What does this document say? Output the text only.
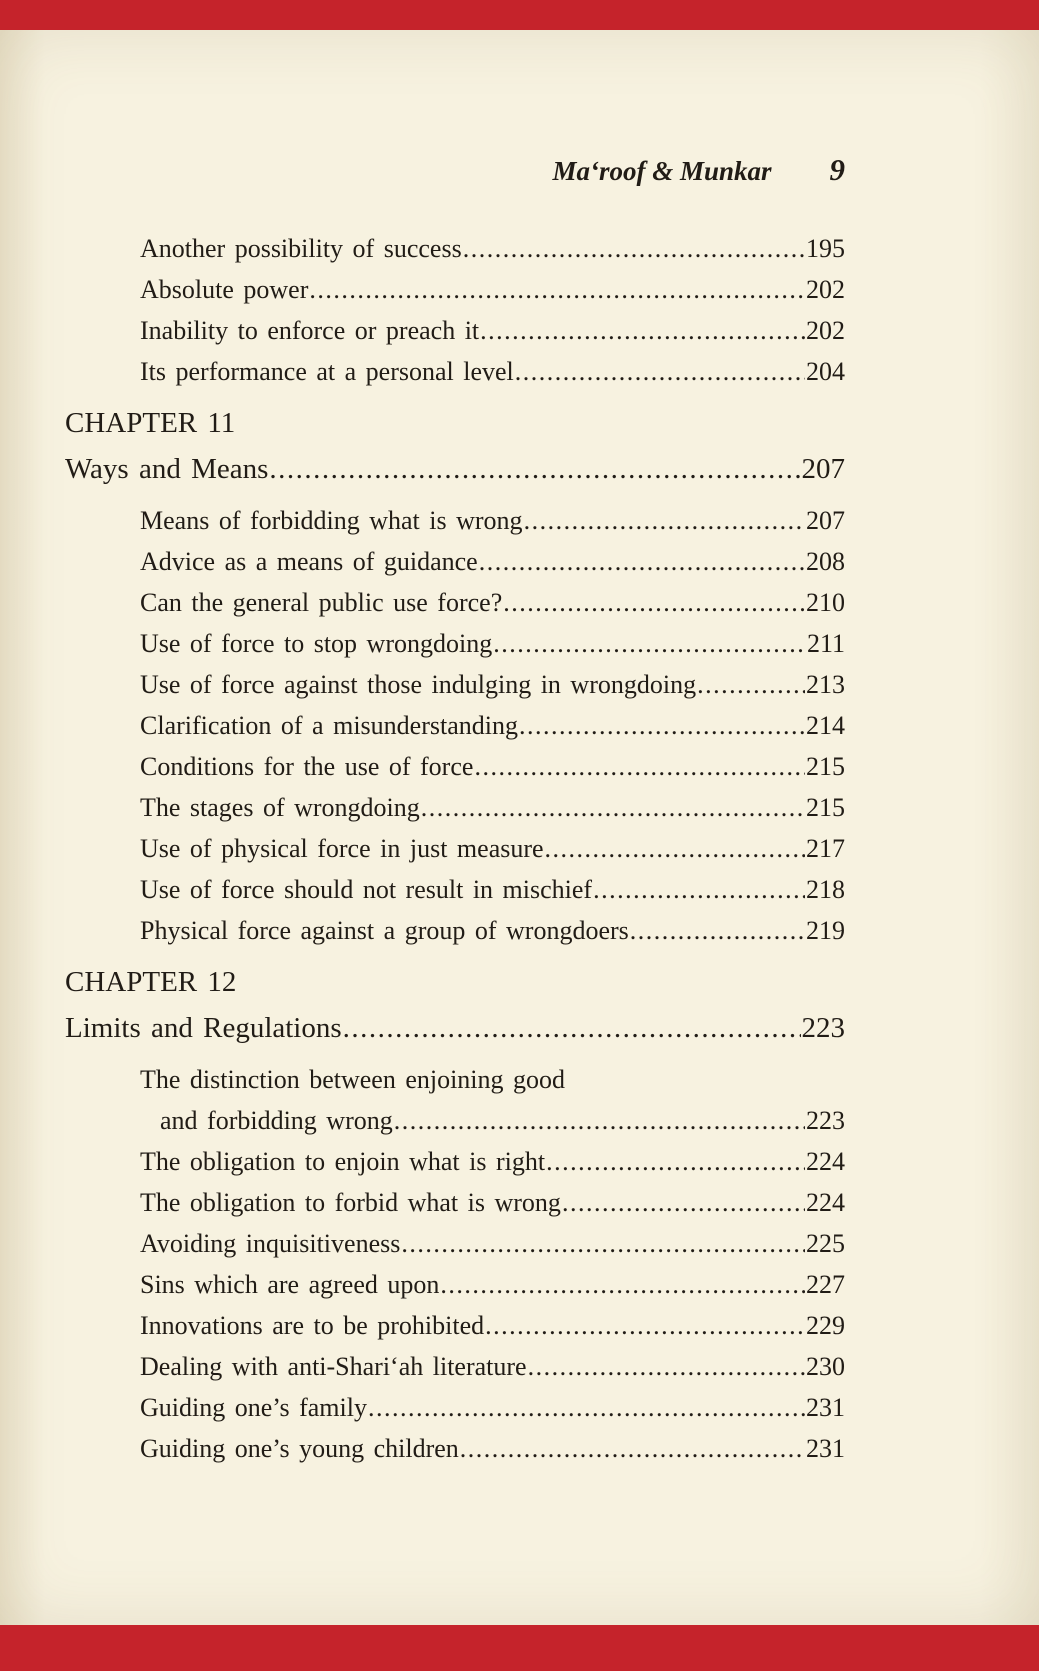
Ma‘roof & Munkar 9
Another possibility of success .....	195
Absolute power .....	202
Inability to enforce or preach it .....	202
Its performance at a personal level .....	204
CHAPTER 11
Ways and Means .....	207
Means of forbidding what is wrong .....	207
Advice as a means of guidance .....	208
Can the general public use force? .....	210
Use of force to stop wrongdoing .....	211
Use of force against those indulging in wrongdoing .....	213
Clarification of a misunderstanding .....	214
Conditions for the use of force .....	215
The stages of wrongdoing .....	215
Use of physical force in just measure .....	217
Use of force should not result in mischief .....	218
Physical force against a group of wrongdoers .....	219
CHAPTER 12
Limits and Regulations .....	223
The distinction between enjoining good
and forbidding wrong .....	223
The obligation to enjoin what is right .....	224
The obligation to forbid what is wrong .....	224
Avoiding inquisitiveness .....	225
Sins which are agreed upon .....	227
Innovations are to be prohibited .....	229
Dealing with anti-Shari‘ah literature .....	230
Guiding one’s family .....	231
Guiding one’s young children .....	231
